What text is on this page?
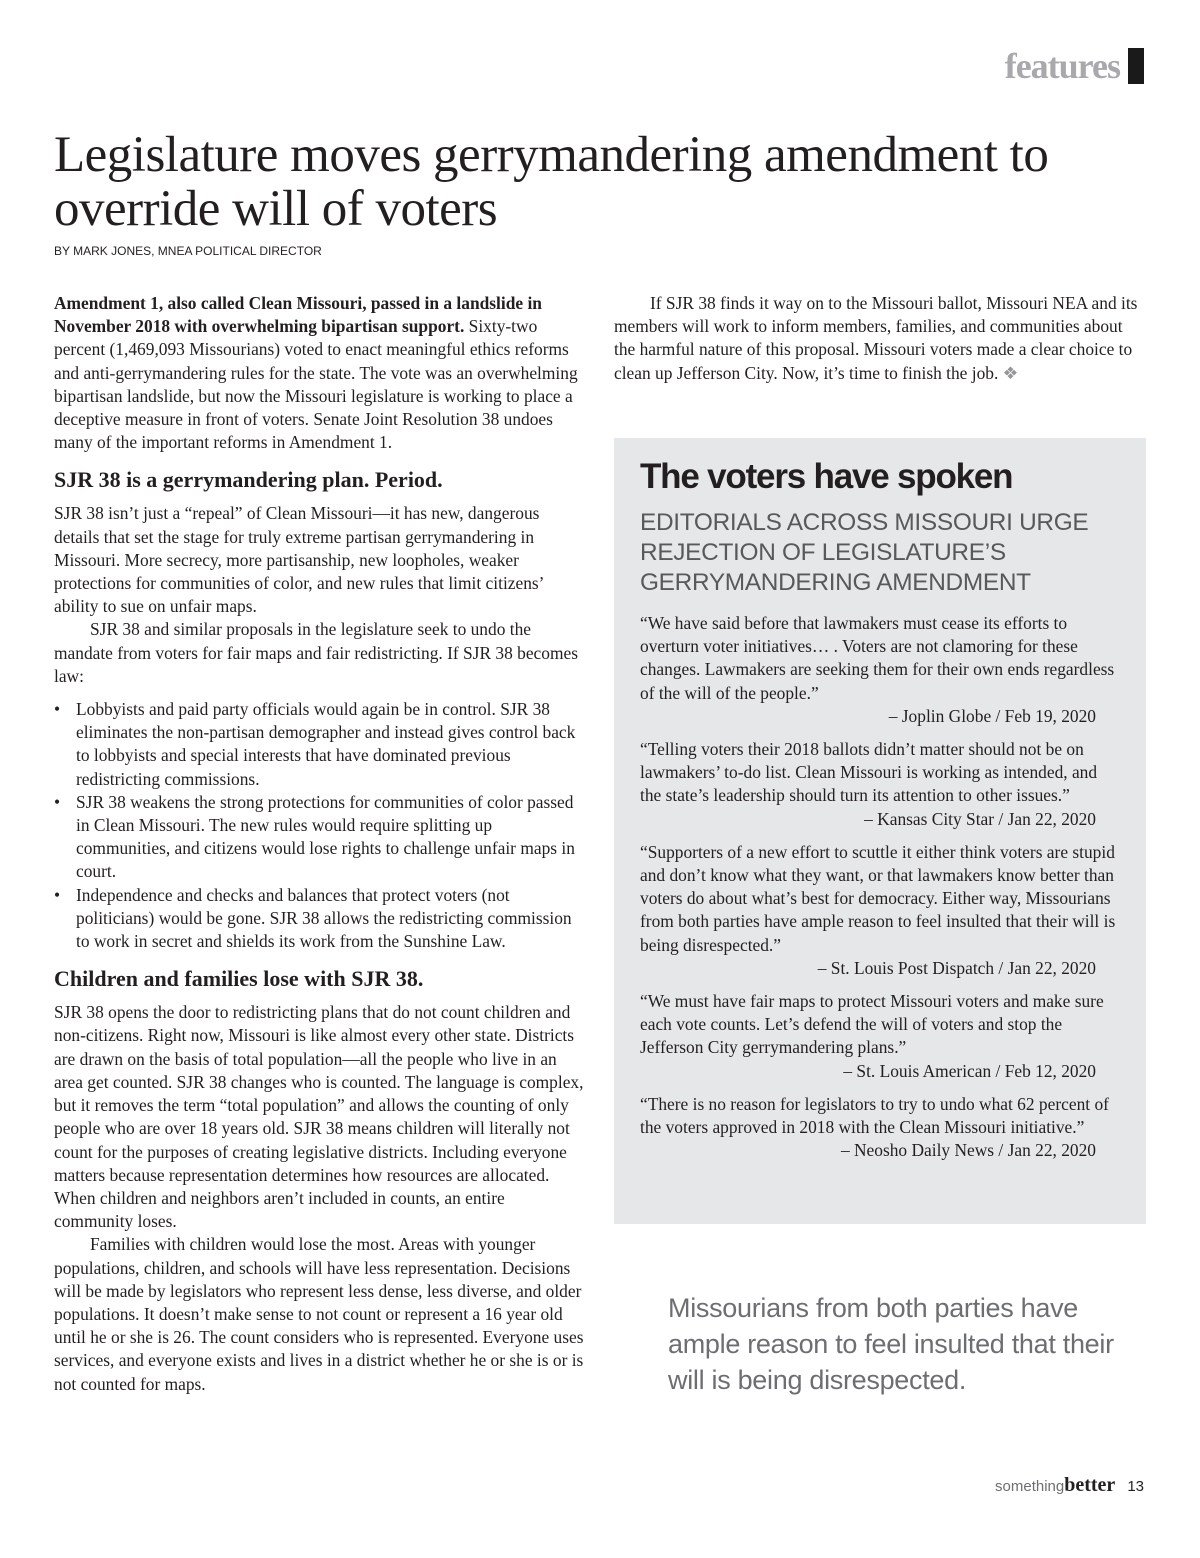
features
Legislature moves gerrymandering amendment to override will of voters
BY MARK JONES, MNEA POLITICAL DIRECTOR

Amendment 1, also called Clean Missouri, passed in a landslide in November 2018 with overwhelming bipartisan support. Sixty-two percent (1,469,093 Missourians) voted to enact meaningful ethics reforms and anti-gerrymandering rules for the state. The vote was an overwhelming bipartisan landslide, but now the Missouri legislature is working to place a deceptive measure in front of voters. Senate Joint Resolution 38 undoes many of the important reforms in Amendment 1.

SJR 38 is a gerrymandering plan. Period.

SJR 38 isn’t just a “repeal” of Clean Missouri—it has new, dangerous details that set the stage for truly extreme partisan gerrymandering in Missouri. More secrecy, more partisanship, new loopholes, weaker protections for communities of color, and new rules that limit citizens’ ability to sue on unfair maps.

SJR 38 and similar proposals in the legislature seek to undo the mandate from voters for fair maps and fair redistricting. If SJR 38 becomes law:

• Lobbyists and paid party officials would again be in control. SJR 38 eliminates the non-partisan demographer and instead gives control back to lobbyists and special interests that have dominated previous redistricting commissions.
• SJR 38 weakens the strong protections for communities of color passed in Clean Missouri. The new rules would require splitting up communities, and citizens would lose rights to challenge unfair maps in court.
• Independence and checks and balances that protect voters (not politicians) would be gone. SJR 38 allows the redistricting commission to work in secret and shields its work from the Sunshine Law.
Children and families lose with SJR 38.

SJR 38 opens the door to redistricting plans that do not count children and non-citizens. Right now, Missouri is like almost every other state. Districts are drawn on the basis of total population—all the people who live in an area get counted. SJR 38 changes who is counted. The language is complex, but it removes the term “total population” and allows the counting of only people who are over 18 years old. SJR 38 means children will literally not count for the purposes of creating legislative districts. Including everyone matters because representation determines how resources are allocated. When children and neighbors aren’t included in counts, an entire community loses.

Families with children would lose the most. Areas with younger populations, children, and schools will have less representation. Decisions will be made by legislators who represent less dense, less diverse, and older populations. It doesn’t make sense to not count or represent a 16 year old until he or she is 26. The count considers who is represented. Everyone uses services, and everyone exists and lives in a district whether he or she is or is not counted for maps.

If SJR 38 finds it way on to the Missouri ballot, Missouri NEA and its members will work to inform members, families, and communities about the harmful nature of this proposal. Missouri voters made a clear choice to clean up Jefferson City. Now, it’s time to finish the job. ❖

The voters have spoken
EDITORIALS ACROSS MISSOURI URGE REJECTION OF LEGISLATURE’S GERRYMANDERING AMENDMENT

“We have said before that lawmakers must cease its efforts to overturn voter initiatives… . Voters are not clamoring for these changes. Lawmakers are seeking them for their own ends regardless of the will of the people.”

– Joplin Globe / Feb 19, 2020

“Telling voters their 2018 ballots didn’t matter should not be on lawmakers’ to-do list. Clean Missouri is working as intended, and the state’s leadership should turn its attention to other issues.”

– Kansas City Star / Jan 22, 2020

“Supporters of a new effort to scuttle it either think voters are stupid and don’t know what they want, or that lawmakers know better than voters do about what’s best for democracy. Either way, Missourians from both parties have ample reason to feel insulted that their will is being disrespected.”

– St. Louis Post Dispatch / Jan 22, 2020

“We must have fair maps to protect Missouri voters and make sure each vote counts. Let’s defend the will of voters and stop the Jefferson City gerrymandering plans.”

– St. Louis American / Feb 12, 2020

“There is no reason for legislators to try to undo what 62 percent of the voters approved in 2018 with the Clean Missouri initiative.”

– Neosho Daily News / Jan 22, 2020

Missourians from both parties have ample reason to feel insulted that their will is being disrespected.

something better 13
